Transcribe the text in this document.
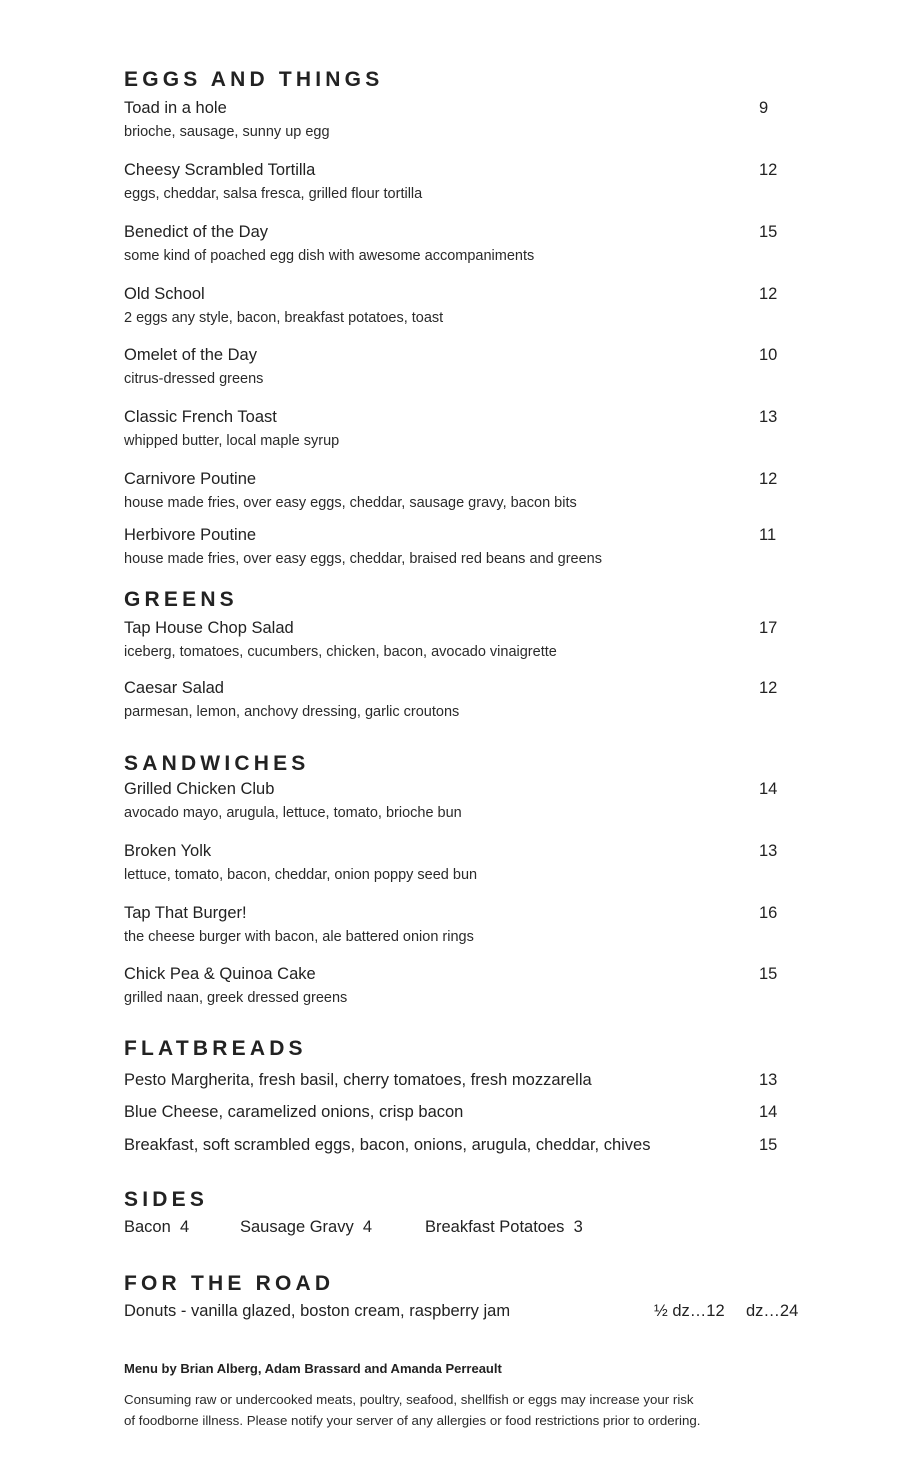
EGGS AND THINGS
Toad in a hole	9
brioche, sausage, sunny up egg
Cheesy Scrambled Tortilla	12
eggs, cheddar, salsa fresca, grilled flour tortilla
Benedict of the Day	15
some kind of poached egg dish with awesome accompaniments
Old School	12
2 eggs any style, bacon, breakfast potatoes, toast
Omelet of the Day	10
citrus-dressed greens
Classic French Toast	13
whipped butter, local maple syrup
Carnivore Poutine	12
house made fries, over easy eggs, cheddar, sausage gravy, bacon bits
Herbivore Poutine	11
house made fries, over easy eggs, cheddar, braised red beans and greens
GREENS
Tap House Chop Salad	17
iceberg, tomatoes, cucumbers, chicken, bacon, avocado vinaigrette
Caesar Salad	12
parmesan, lemon, anchovy dressing, garlic croutons
SANDWICHES
Grilled Chicken Club	14
avocado mayo, arugula, lettuce, tomato, brioche bun
Broken Yolk	13
lettuce, tomato, bacon, cheddar, onion poppy seed bun
Tap That Burger!	16
the cheese burger with bacon, ale battered onion rings
Chick Pea & Quinoa Cake	15
grilled naan, greek dressed greens
FLATBREADS
Pesto Margherita, fresh basil, cherry tomatoes, fresh mozzarella	13
Blue Cheese, caramelized onions, crisp bacon	14
Breakfast, soft scrambled eggs, bacon, onions, arugula, cheddar, chives	15
SIDES
Bacon  4	Sausage Gravy  4	Breakfast Potatoes  3
FOR THE ROAD
Donuts - vanilla glazed, boston cream, raspberry jam	½ dz…12 dz…24
Menu by Brian Alberg, Adam Brassard and Amanda Perreault
Consuming raw or undercooked meats, poultry, seafood, shellfish or eggs may increase your risk
of foodborne illness. Please notify your server of any allergies or food restrictions prior to ordering.
